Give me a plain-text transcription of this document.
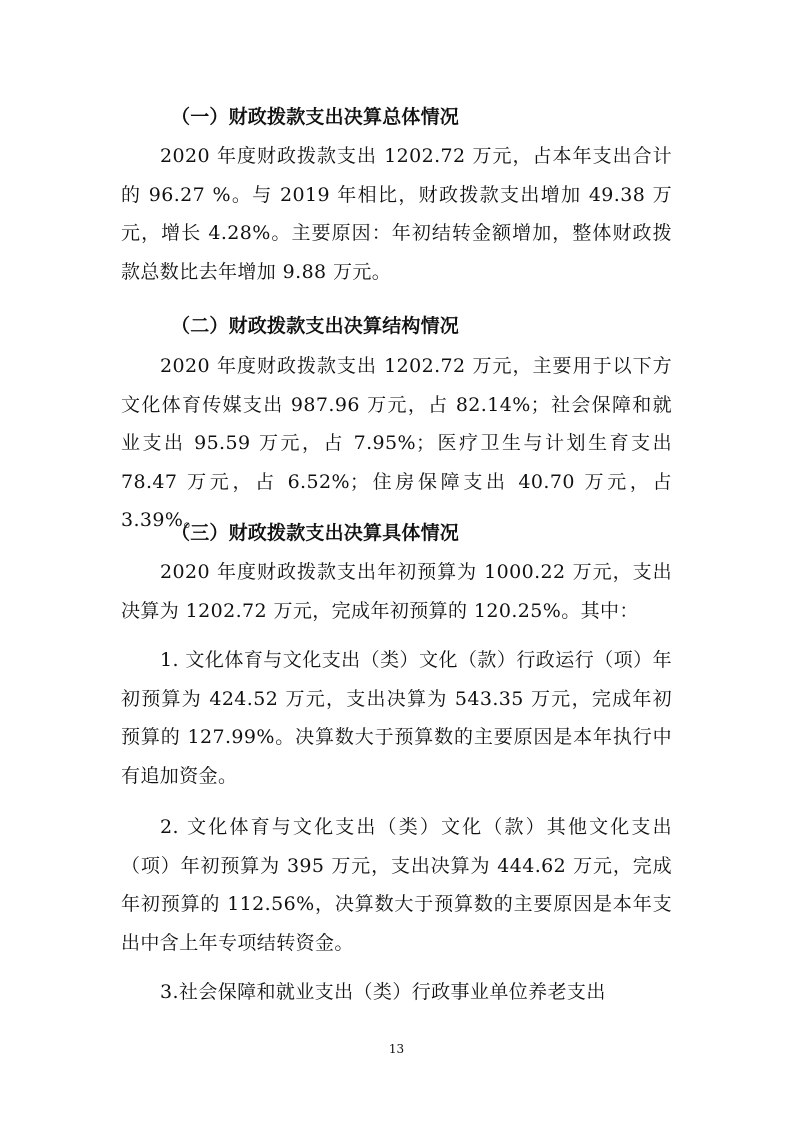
（一）财政拨款支出决算总体情况
2020 年度财政拨款支出 1202.72 万元，占本年支出合计的 96.27 %。与 2019 年相比，财政拨款支出增加 49.38 万元，增长 4.28%。主要原因：年初结转金额增加，整体财政拨款总数比去年增加 9.88 万元。
（二）财政拨款支出决算结构情况
2020 年度财政拨款支出 1202.72 万元，主要用于以下方文化体育传媒支出 987.96 万元，占 82.14%；社会保障和就业支出 95.59 万元，占 7.95%；医疗卫生与计划生育支出 78.47 万元，占 6.52%；住房保障支出 40.70 万元，占 3.39%。
（三）财政拨款支出决算具体情况
2020 年度财政拨款支出年初预算为 1000.22 万元，支出决算为 1202.72 万元，完成年初预算的 120.25%。其中：
1. 文化体育与文化支出（类）文化（款）行政运行（项）年初预算为 424.52 万元，支出决算为 543.35 万元，完成年初预算的 127.99%。决算数大于预算数的主要原因是本年执行中有追加资金。
2. 文化体育与文化支出（类）文化（款）其他文化支出（项）年初预算为 395 万元，支出决算为 444.62 万元，完成年初预算的 112.56%，决算数大于预算数的主要原因是本年支出中含上年专项结转资金。
3.社会保障和就业支出（类）行政事业单位养老支出
13
